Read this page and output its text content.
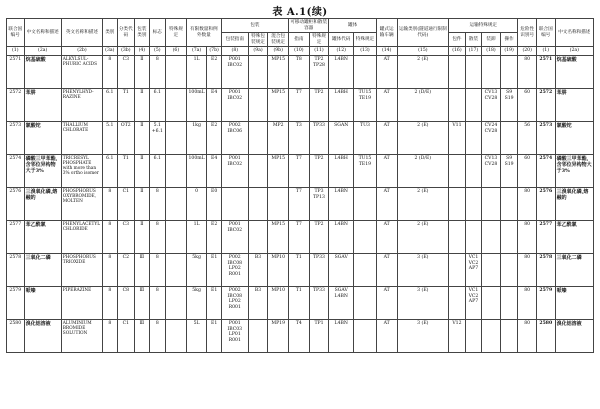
表 A.1(续)
联合国编号	中文名称和描述	英文名称和描述	类别	分类代码	包装类别	标志	特殊规定	有限数量和例外数量		包装			可移动罐柜和散装容器		罐体		罐式运输车辆	运输类别(隧道通行限制代码)	运输特殊规定				危险性识别号	联合国编号	中文名称和描述
										包装指南	特殊包装规定	混合包装规定	指南	特殊规定	罐体代码	特殊规定			包件	散装	装卸	操作			
(1)	(2a)	(2b)	(3a)	(3b)	(4)	(5)	(6)	(7a)	(7b)	(8)	(9a)	(9b)	(10)	(11)	(12)	(13)	(14)	(15)	(16)	(17)	(18)	(19)	(20)	(1)	(2a)
2571	烷基硫酸	ALKYLSUL-PHURIC ACIDS	8	C3	Ⅱ	8		1L	E2	P001 IBC02		MP15	T8	TP2 TP28	L4BN		AT	2 (E)					80	2571	烷基硫酸
2572	苯肼	PHENYLHYD-RAZINE	6.1	T1	Ⅱ	6.1		100mL	E4	P001 IBC02		MP15	T7	TP2	L4BH	TU15 TE19	AT	2 (D/E)			CV13 CV28	S9 S19	60	2572	苯肼
2573	氯酸铊	THALLIUM CHLORATE	5.1	OT2	Ⅱ	5.1 +6.1		1kg	E2	P002 IBC06		MP2	T3	TP33	SGAN	TU3	AT	2 (E)	V11		CV24 CV28		56	2573	氯酸铊
2574	磷酸三甲苯酯,含邻位异构物大于3%	TRICRESYL PHOSPHATE with more than 3% ortho isomer	6.1	T1	Ⅱ	6.1		100mL	E4	P001 IBC02		MP15	T7	TP2	L4BH	TU15 TE19	AT	2 (D/E)			CV13 CV28	S9 S19	60	2574	磷酸三甲苯酯,含邻位异构物大于3%
2576	三溴氧化磷,熔融的	PHOSPHORUS OXYBROMIDE, MOLTEN	8	C1	Ⅱ	8		0	E0				T7	TP3 TP13	L4BN		AT	2 (E)					80	2576	三溴氧化磷,熔融的
2577	苯乙酰氯	PHENYLACETYL CHLORIDE	8	C3	Ⅱ	8		1L	E2	P001 IBC02		MP15	T7	TP2	L4BN		AT	2 (E)					80	2577	苯乙酰氯
2578	三氧化二磷	PHOSPHORUS TRIOXIDE	8	C2	Ⅲ	8		5kg	E1	P002 IBC08 LP02 R001	B3	MP10	T1	TP33	SGAV		AT	3 (E)		VC1 VC2 AP7			80	2578	三氧化二磷
2579	哌嗪	PIPERAZINE	8	C8	Ⅲ	8		5kg	E1	P002 IBC08 LP02 R001	B3	MP10	T1	TP33	SGAV L4BN		AT	3 (E)		VC1 VC2 AP7			80	2579	哌嗪
2580	溴化铝溶液	ALUMINIUM BROMIDE SOLUTION	8	C1	Ⅲ	8		5L	E1	P001 IBC03 LP01 R001		MP19	T4	TP1	L4BN		AT	3 (E)	V12				80	2580	溴化铝溶液
